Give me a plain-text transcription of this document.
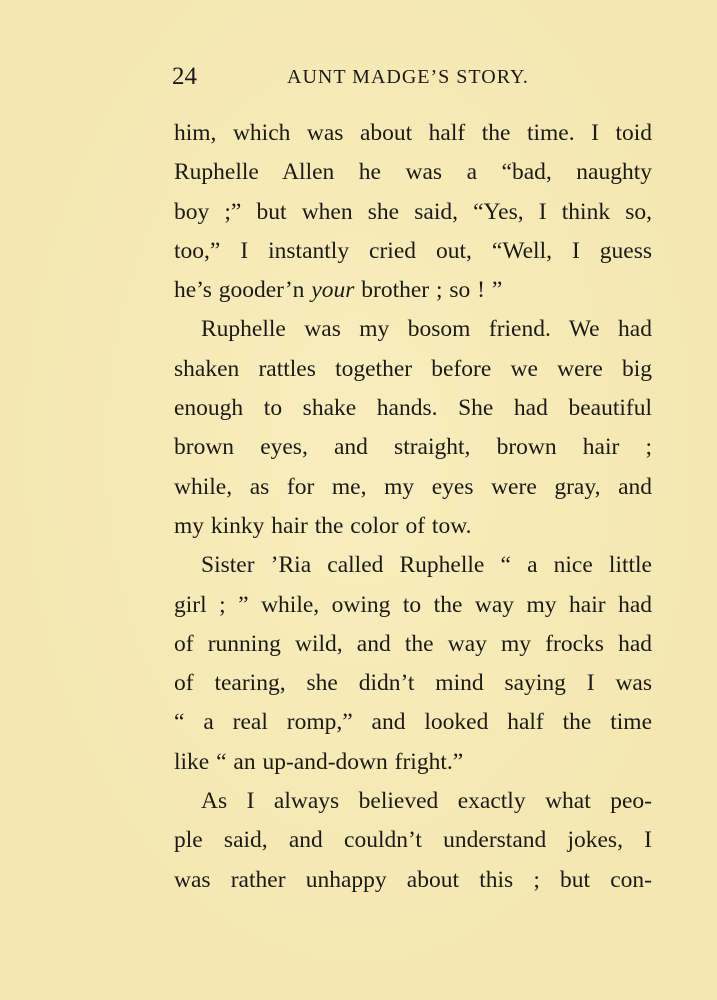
24	AUNT MADGE’S STORY.
him, which was about half the time. I toid
Ruphelle Allen he was a “bad, naughty
boy ;” but when she said, “Yes, I think so,
too,” I instantly cried out, “Well, I guess
he’s gooder’n your brother ; so ! ”
Ruphelle was my bosom friend. We had
shaken rattles together before we were big
enough to shake hands. She had beautiful
brown eyes, and straight, brown hair ;
while, as for me, my eyes were gray, and
my kinky hair the color of tow.
Sister ’Ria called Ruphelle “ a nice little
girl ; ” while, owing to the way my hair had
of running wild, and the way my frocks had
of tearing, she didn’t mind saying I was
“ a real romp,” and looked half the time
like “ an up-and-down fright.”
As I always believed exactly what peo-
ple said, and couldn’t understand jokes, I
was rather unhappy about this ; but con-
